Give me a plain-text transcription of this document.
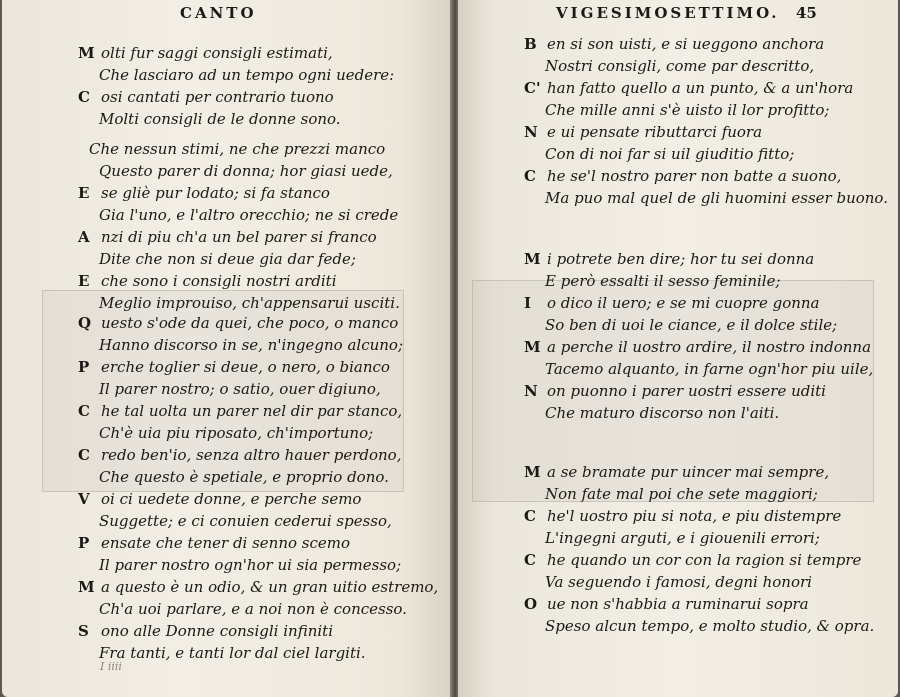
CANTO
M olti fur saggi consigli estimati,
Che lasciaro ad un tempo ogni uedere:
C osi cantati per contrario tuono
Molti consigli de le donne sono.
Che nessun stimi, ne che prezzi manco
Questo parer di donna; hor giasi uede,
E se gliè pur lodato; si fa stanco
Gia l'uno, e l'altro orecchio; ne si crede
A nzi di piu ch'a un bel parer si franco
Dite che non si deue gia dar fede;
E che sono i consigli nostri arditi
Meglio improuiso, ch'appensarui usciti.
Q uesto s'ode da quei, che poco, o manco
Hanno discorso in se, n'ingegno alcuno;
P erche toglier si deue, o nero, o bianco
Il parer nostro; o satio, ouer digiuno,
C he tal uolta un parer nel dir par stanco,
Ch'è uia piu riposato, ch'importuno;
C redo ben'io, senza altro hauer perdono,
Che questo è spetiale, e proprio dono.
V oi ci uedete donne, e perche semo
Suggette; e ci conuien cederui spesso,
P ensate che tener di senno scemo
Il parer nostro ogn'hor ui sia permesso;
M a questo è un odio, & un gran uitio estremo,
Ch'a uoi parlare, e a noi non è concesso.
S ono alle Donne consigli infiniti
Fra tanti, e tanti lor dal ciel largiti.
I iiii
VIGESIMOSETTIMO. 45
B en si son uisti, e si ueggono anchora
Nostri consigli, come par descritto,
C' han fatto quello a un punto, & a un'hora
Che mille anni s'è uisto il lor profitto;
N e ui pensate ributtarci fuora
Con di noi far si uil giuditio fitto;
C he se'l nostro parer non batte a suono,
Ma puo mal quel de gli huomini esser buono.
M i potrete ben dire; hor tu sei donna
E però essalti il sesso feminile;
I o dico il uero; e se mi cuopre gonna
So ben di uoi le ciance, e il dolce stile;
M a perche il uostro ardire, il nostro indonna
Tacemo alquanto, in farne ogn'hor piu uile,
N on puonno i parer uostri essere uditi
Che maturo discorso non l'aiti.
M a se bramate pur uincer mai sempre,
Non fate mal poi che sete maggiori;
C he'l uostro piu si nota, e piu distempre
L'ingegni arguti, e i giouenili errori;
C he quando un cor con la ragion si tempre
Va seguendo i famosi, degni honori
O ue non s'habbia a ruminarui sopra
Speso alcun tempo, e molto studio, & opra.
